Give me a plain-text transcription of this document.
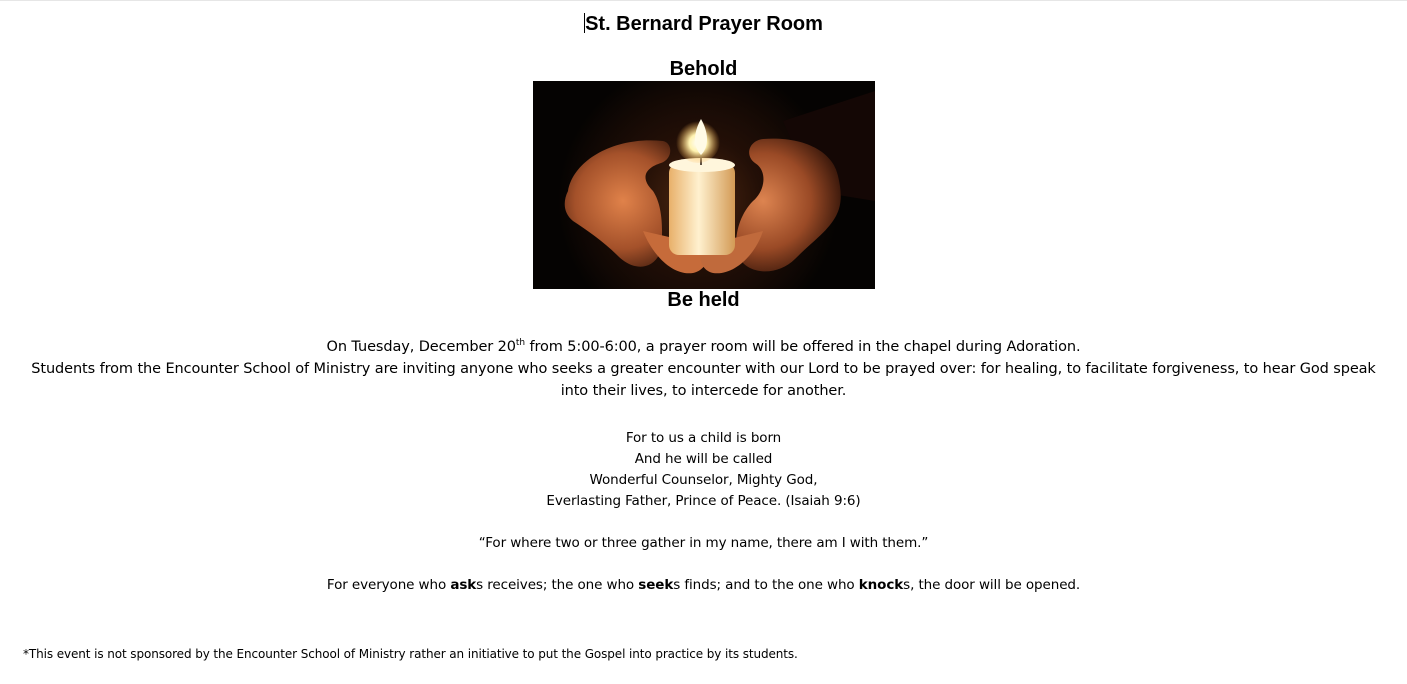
St. Bernard Prayer Room
Behold
Be held
On Tuesday, December 20th from 5:00-6:00, a prayer room will be offered in the chapel during Adoration.
Students from the Encounter School of Ministry are inviting anyone who seeks a greater encounter with our Lord to be prayed over: for healing, to facilitate forgiveness, to hear God speak into their lives, to intercede for another.
For to us a child is born
And he will be called
Wonderful Counselor, Mighty God,
Everlasting Father, Prince of Peace. (Isaiah 9:6)
“For where two or three gather in my name, there am I with them.”
For everyone who asks receives; the one who seeks finds; and to the one who knocks, the door will be opened.
*This event is not sponsored by the Encounter School of Ministry rather an initiative to put the Gospel into practice by its students.
